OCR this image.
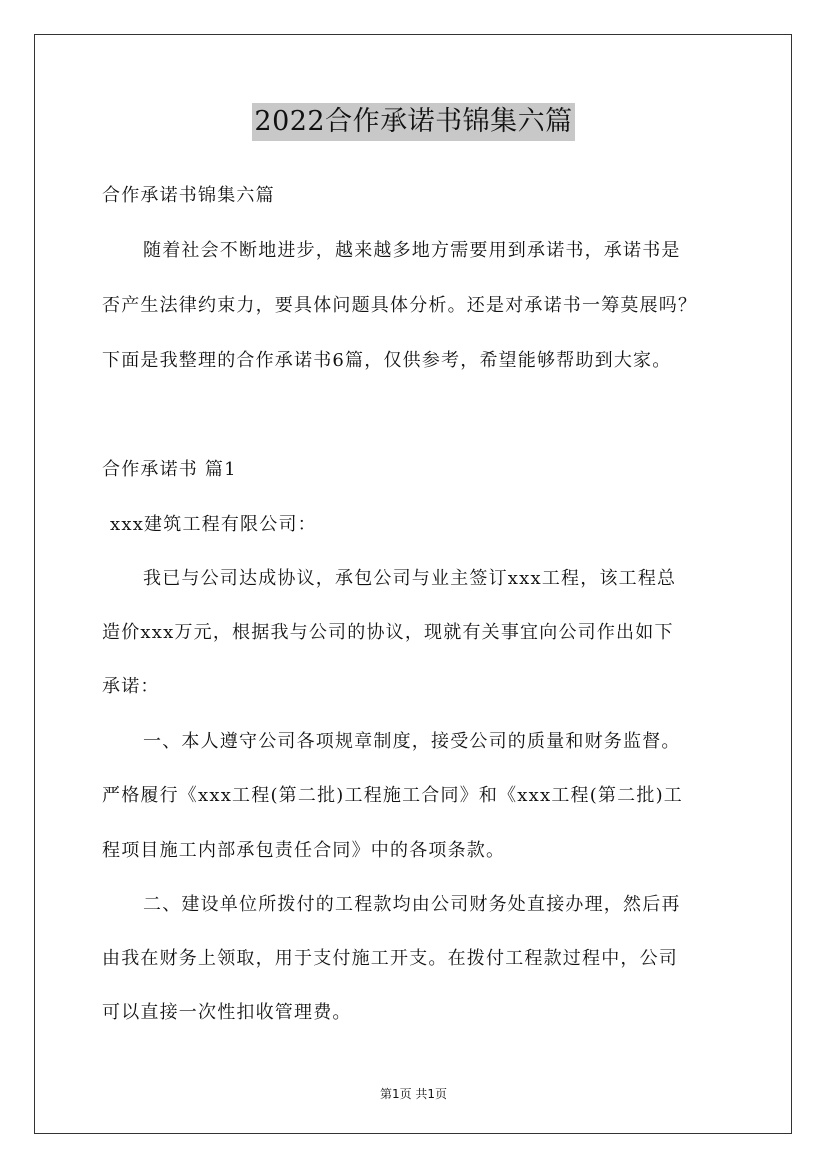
2022合作承诺书锦集六篇
合作承诺书锦集六篇
随着社会不断地进步，越来越多地方需要用到承诺书，承诺书是
否产生法律约束力，要具体问题具体分析。还是对承诺书一筹莫展吗？
下面是我整理的合作承诺书6篇，仅供参考，希望能够帮助到大家。
合作承诺书 篇1
xxx建筑工程有限公司：
我已与公司达成协议，承包公司与业主签订xxx工程，该工程总
造价xxx万元，根据我与公司的协议，现就有关事宜向公司作出如下
承诺：
一、本人遵守公司各项规章制度，接受公司的质量和财务监督。
严格履行《xxx工程(第二批)工程施工合同》和《xxx工程(第二批)工
程项目施工内部承包责任合同》中的各项条款。
二、建设单位所拨付的工程款均由公司财务处直接办理，然后再
由我在财务上领取，用于支付施工开支。在拨付工程款过程中，公司
可以直接一次性扣收管理费。
第1页 共1页
